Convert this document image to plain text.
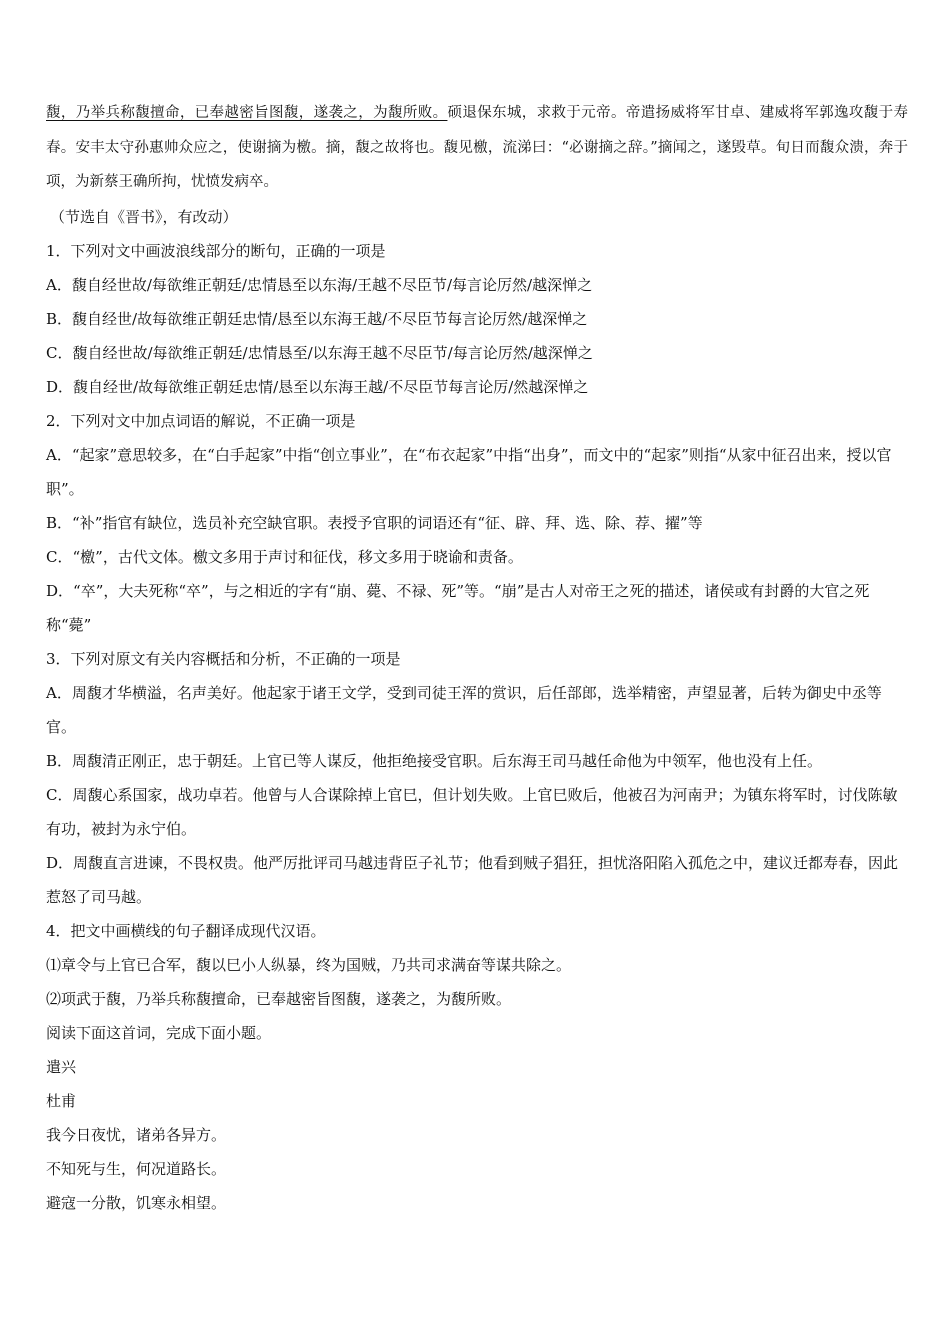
馥，乃举兵称馥擅命，已奉越密旨图馥，遂袭之，为馥所败。硕退保东城，求救于元帝。帝遣扬威将军甘卓、建威将军郭逸攻馥于寿春。安丰太守孙惠帅众应之，使谢摘为檄。摘，馥之故将也。馥见檄，流涕曰：“必谢摘之辞。”摘闻之，遂毁草。旬日而馥众溃，奔于项，为新蔡王确所拘，忧愤发病卒。
（节选自《晋书》，有改动）
1．下列对文中画波浪线部分的断句，正确的一项是
A．馥自经世故/每欲维正朝廷/忠情恳至以东海/王越不尽臣节/每言论厉然/越深惮之
B．馥自经世/故每欲维正朝廷忠情/恳至以东海王越/不尽臣节每言论厉然/越深惮之
C．馥自经世故/每欲维正朝廷/忠情恳至/以东海王越不尽臣节/每言论厉然/越深惮之
D．馥自经世/故每欲维正朝廷忠情/恳至以东海王越/不尽臣节每言论厉/然越深惮之
2．下列对文中加点词语的解说，不正确一项是
A．“起家”意思较多，在“白手起家”中指“创立事业”，在“布衣起家”中指“出身”，而文中的“起家”则指“从家中征召出来，授以官职”。
B．“补”指官有缺位，选员补充空缺官职。表授予官职的词语还有“征、辟、拜、选、除、荐、擢”等
C．“檄”，古代文体。檄文多用于声讨和征伐，移文多用于晓谕和责备。
D．“卒”，大夫死称“卒”，与之相近的字有“崩、薨、不禄、死”等。“崩”是古人对帝王之死的描述，诸侯或有封爵的大官之死称“薨”
3．下列对原文有关内容概括和分析，不正确的一项是
A．周馥才华横溢，名声美好。他起家于诸王文学，受到司徒王浑的赏识，后任部郎，选举精密，声望显著，后转为御史中丞等官。
B．周馥清正刚正，忠于朝廷。上官已等人谋反，他拒绝接受官职。后东海王司马越任命他为中领军，他也没有上任。
C．周馥心系国家，战功卓若。他曾与人合谋除掉上官巳，但计划失败。上官巳败后，他被召为河南尹；为镇东将军时，讨伐陈敏有功，被封为永宁伯。
D．周馥直言进谏，不畏权贵。他严厉批评司马越违背臣子礼节；他看到贼子猖狂，担忧洛阳陷入孤危之中，建议迁都寿春，因此惹怒了司马越。
4．把文中画横线的句子翻译成现代汉语。
⑴章令与上官已合军，馥以巳小人纵暴，终为国贼，乃共司求满奋等谋共除之。
⑵项武于馥，乃举兵称馥擅命，已奉越密旨图馥，遂袭之，为馥所败。
阅读下面这首词，完成下面小题。
遣兴
杜甫
我今日夜忧，诸弟各异方。
不知死与生，何况道路长。
避寇一分散，饥寒永相望。
